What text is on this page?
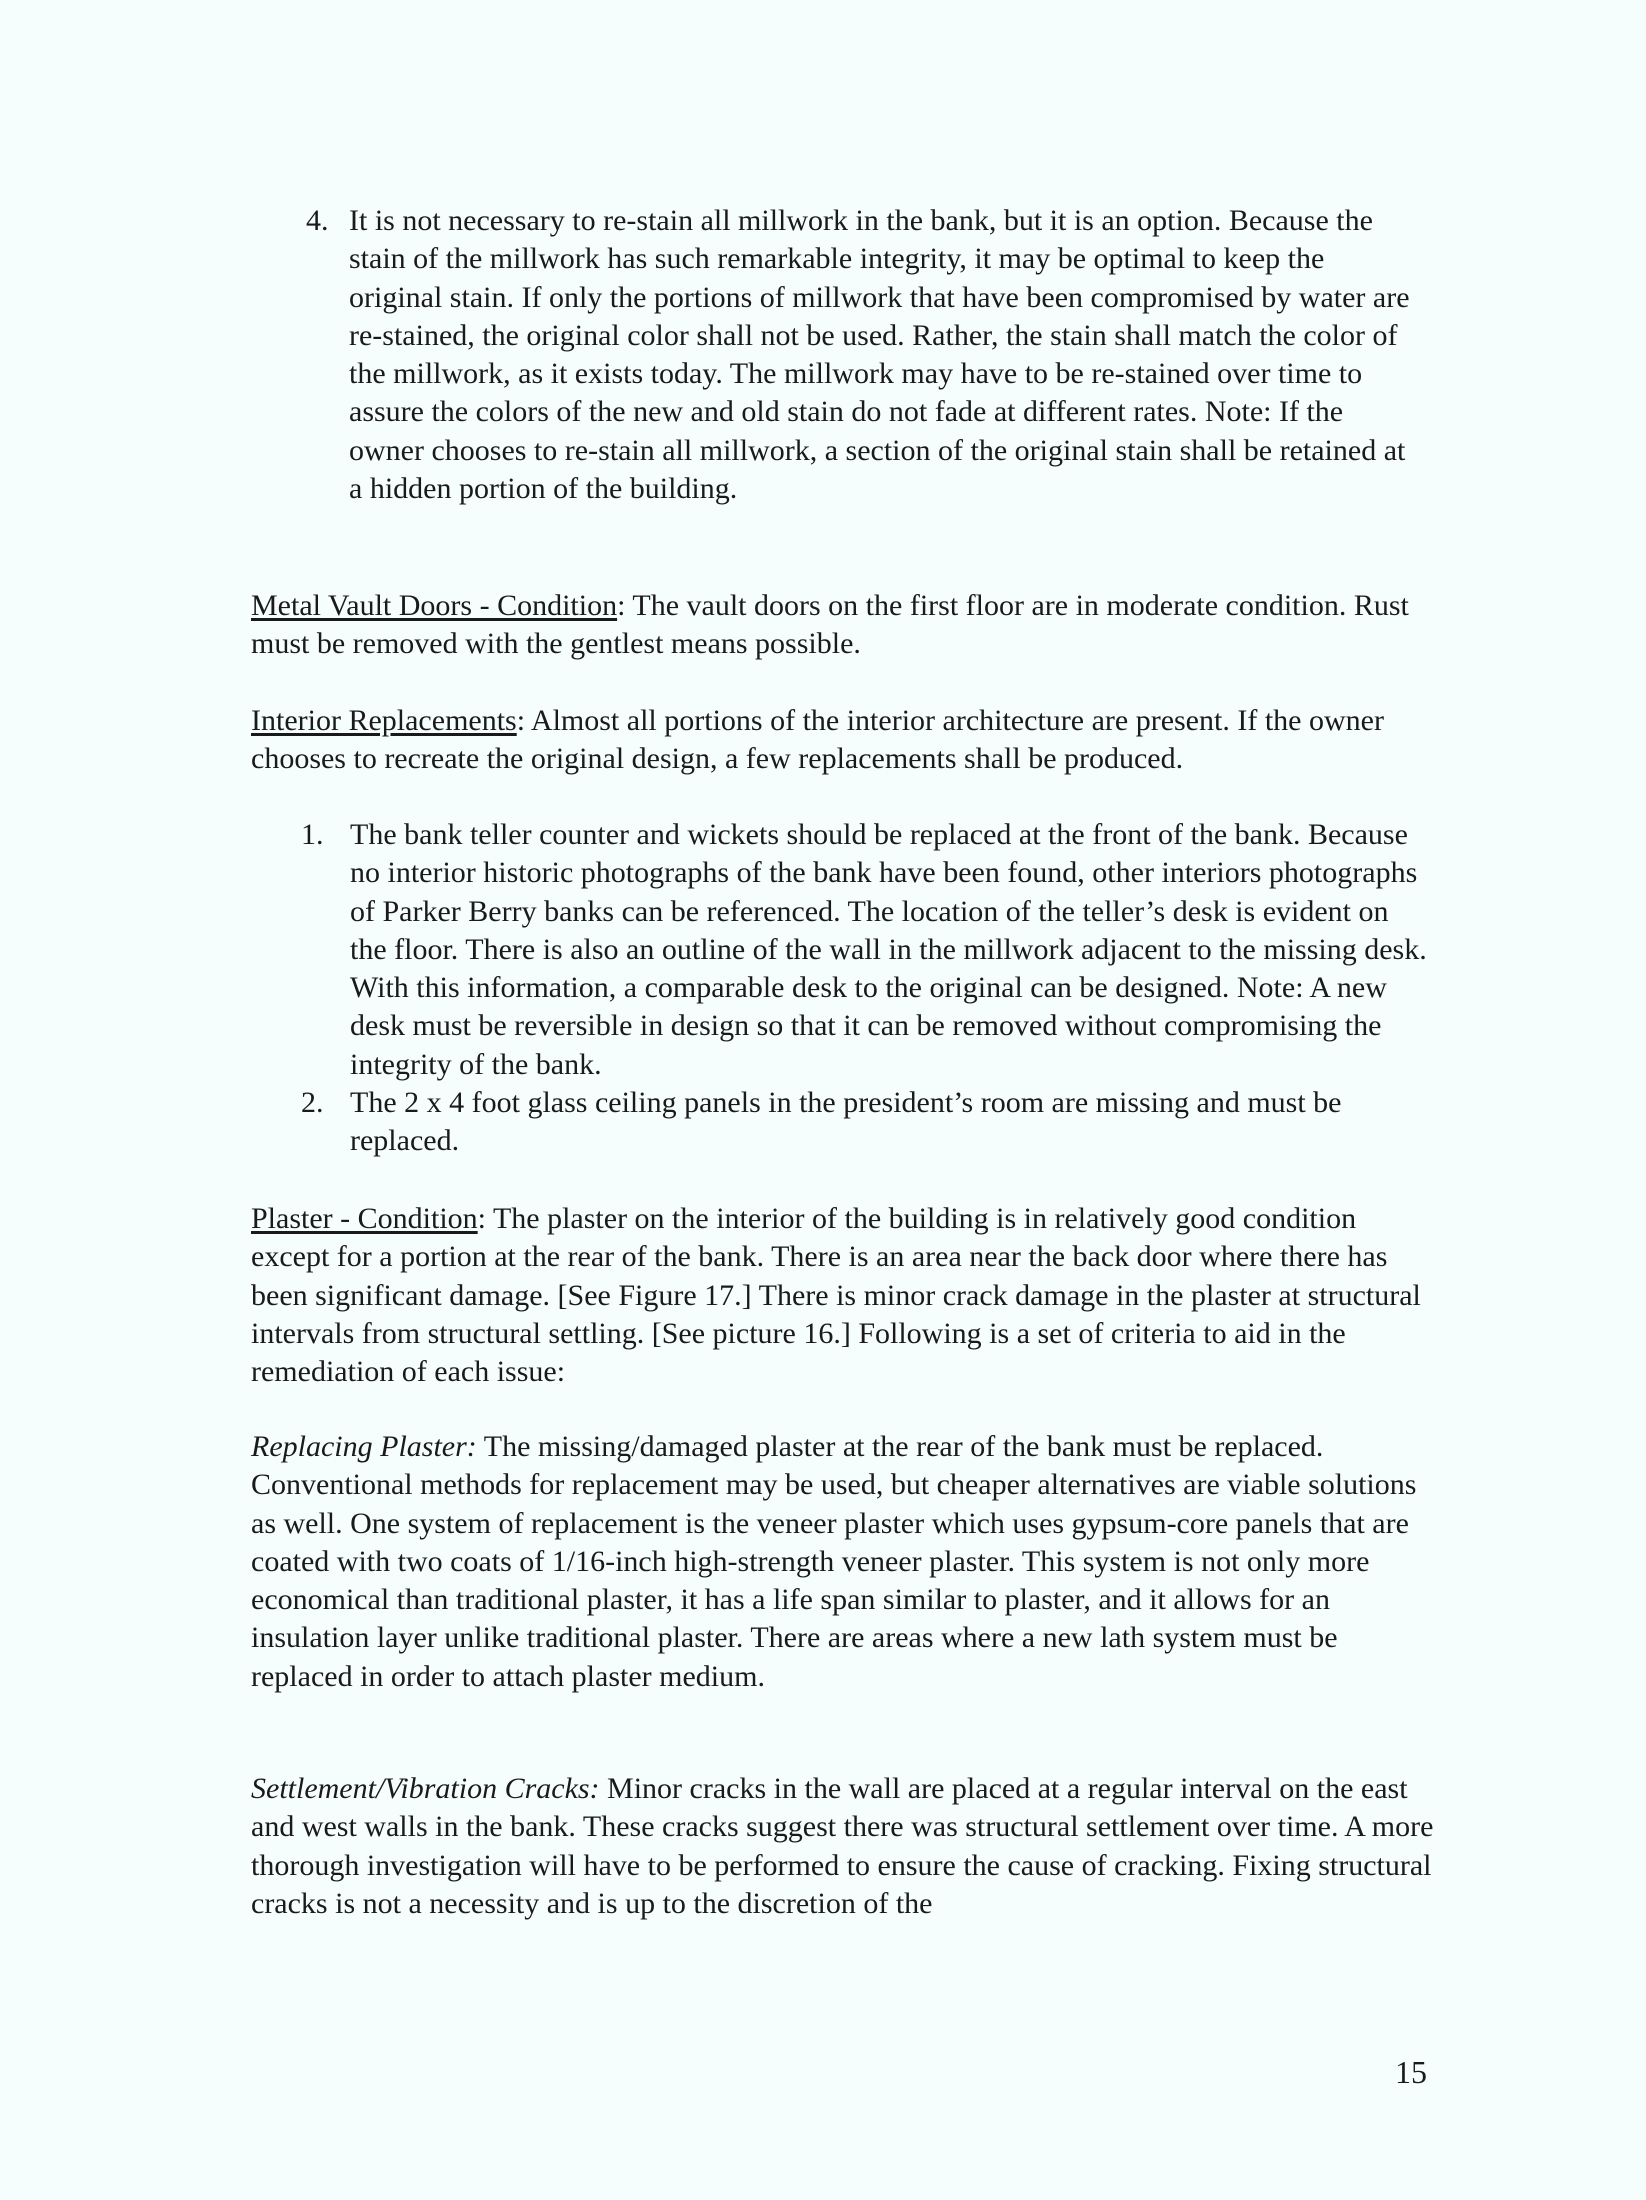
4. It is not necessary to re-stain all millwork in the bank, but it is an option. Because the stain of the millwork has such remarkable integrity, it may be optimal to keep the original stain. If only the portions of millwork that have been compromised by water are re-stained, the original color shall not be used. Rather, the stain shall match the color of the millwork, as it exists today. The millwork may have to be re-stained over time to assure the colors of the new and old stain do not fade at different rates. Note: If the owner chooses to re-stain all millwork, a section of the original stain shall be retained at a hidden portion of the building.
Metal Vault Doors - Condition: The vault doors on the first floor are in moderate condition. Rust must be removed with the gentlest means possible.
Interior Replacements: Almost all portions of the interior architecture are present. If the owner chooses to recreate the original design, a few replacements shall be produced.
1. The bank teller counter and wickets should be replaced at the front of the bank. Because no interior historic photographs of the bank have been found, other interiors photographs of Parker Berry banks can be referenced. The location of the teller’s desk is evident on the floor. There is also an outline of the wall in the millwork adjacent to the missing desk. With this information, a comparable desk to the original can be designed. Note: A new desk must be reversible in design so that it can be removed without compromising the integrity of the bank.
2. The 2 x 4 foot glass ceiling panels in the president’s room are missing and must be replaced.
Plaster - Condition: The plaster on the interior of the building is in relatively good condition except for a portion at the rear of the bank. There is an area near the back door where there has been significant damage. [See Figure 17.] There is minor crack damage in the plaster at structural intervals from structural settling. [See picture 16.] Following is a set of criteria to aid in the remediation of each issue:
Replacing Plaster: The missing/damaged plaster at the rear of the bank must be replaced. Conventional methods for replacement may be used, but cheaper alternatives are viable solutions as well. One system of replacement is the veneer plaster which uses gypsum-core panels that are coated with two coats of 1/16-inch high-strength veneer plaster. This system is not only more economical than traditional plaster, it has a life span similar to plaster, and it allows for an insulation layer unlike traditional plaster. There are areas where a new lath system must be replaced in order to attach plaster medium.
Settlement/Vibration Cracks: Minor cracks in the wall are placed at a regular interval on the east and west walls in the bank. These cracks suggest there was structural settlement over time. A more thorough investigation will have to be performed to ensure the cause of cracking. Fixing structural cracks is not a necessity and is up to the discretion of the
15
